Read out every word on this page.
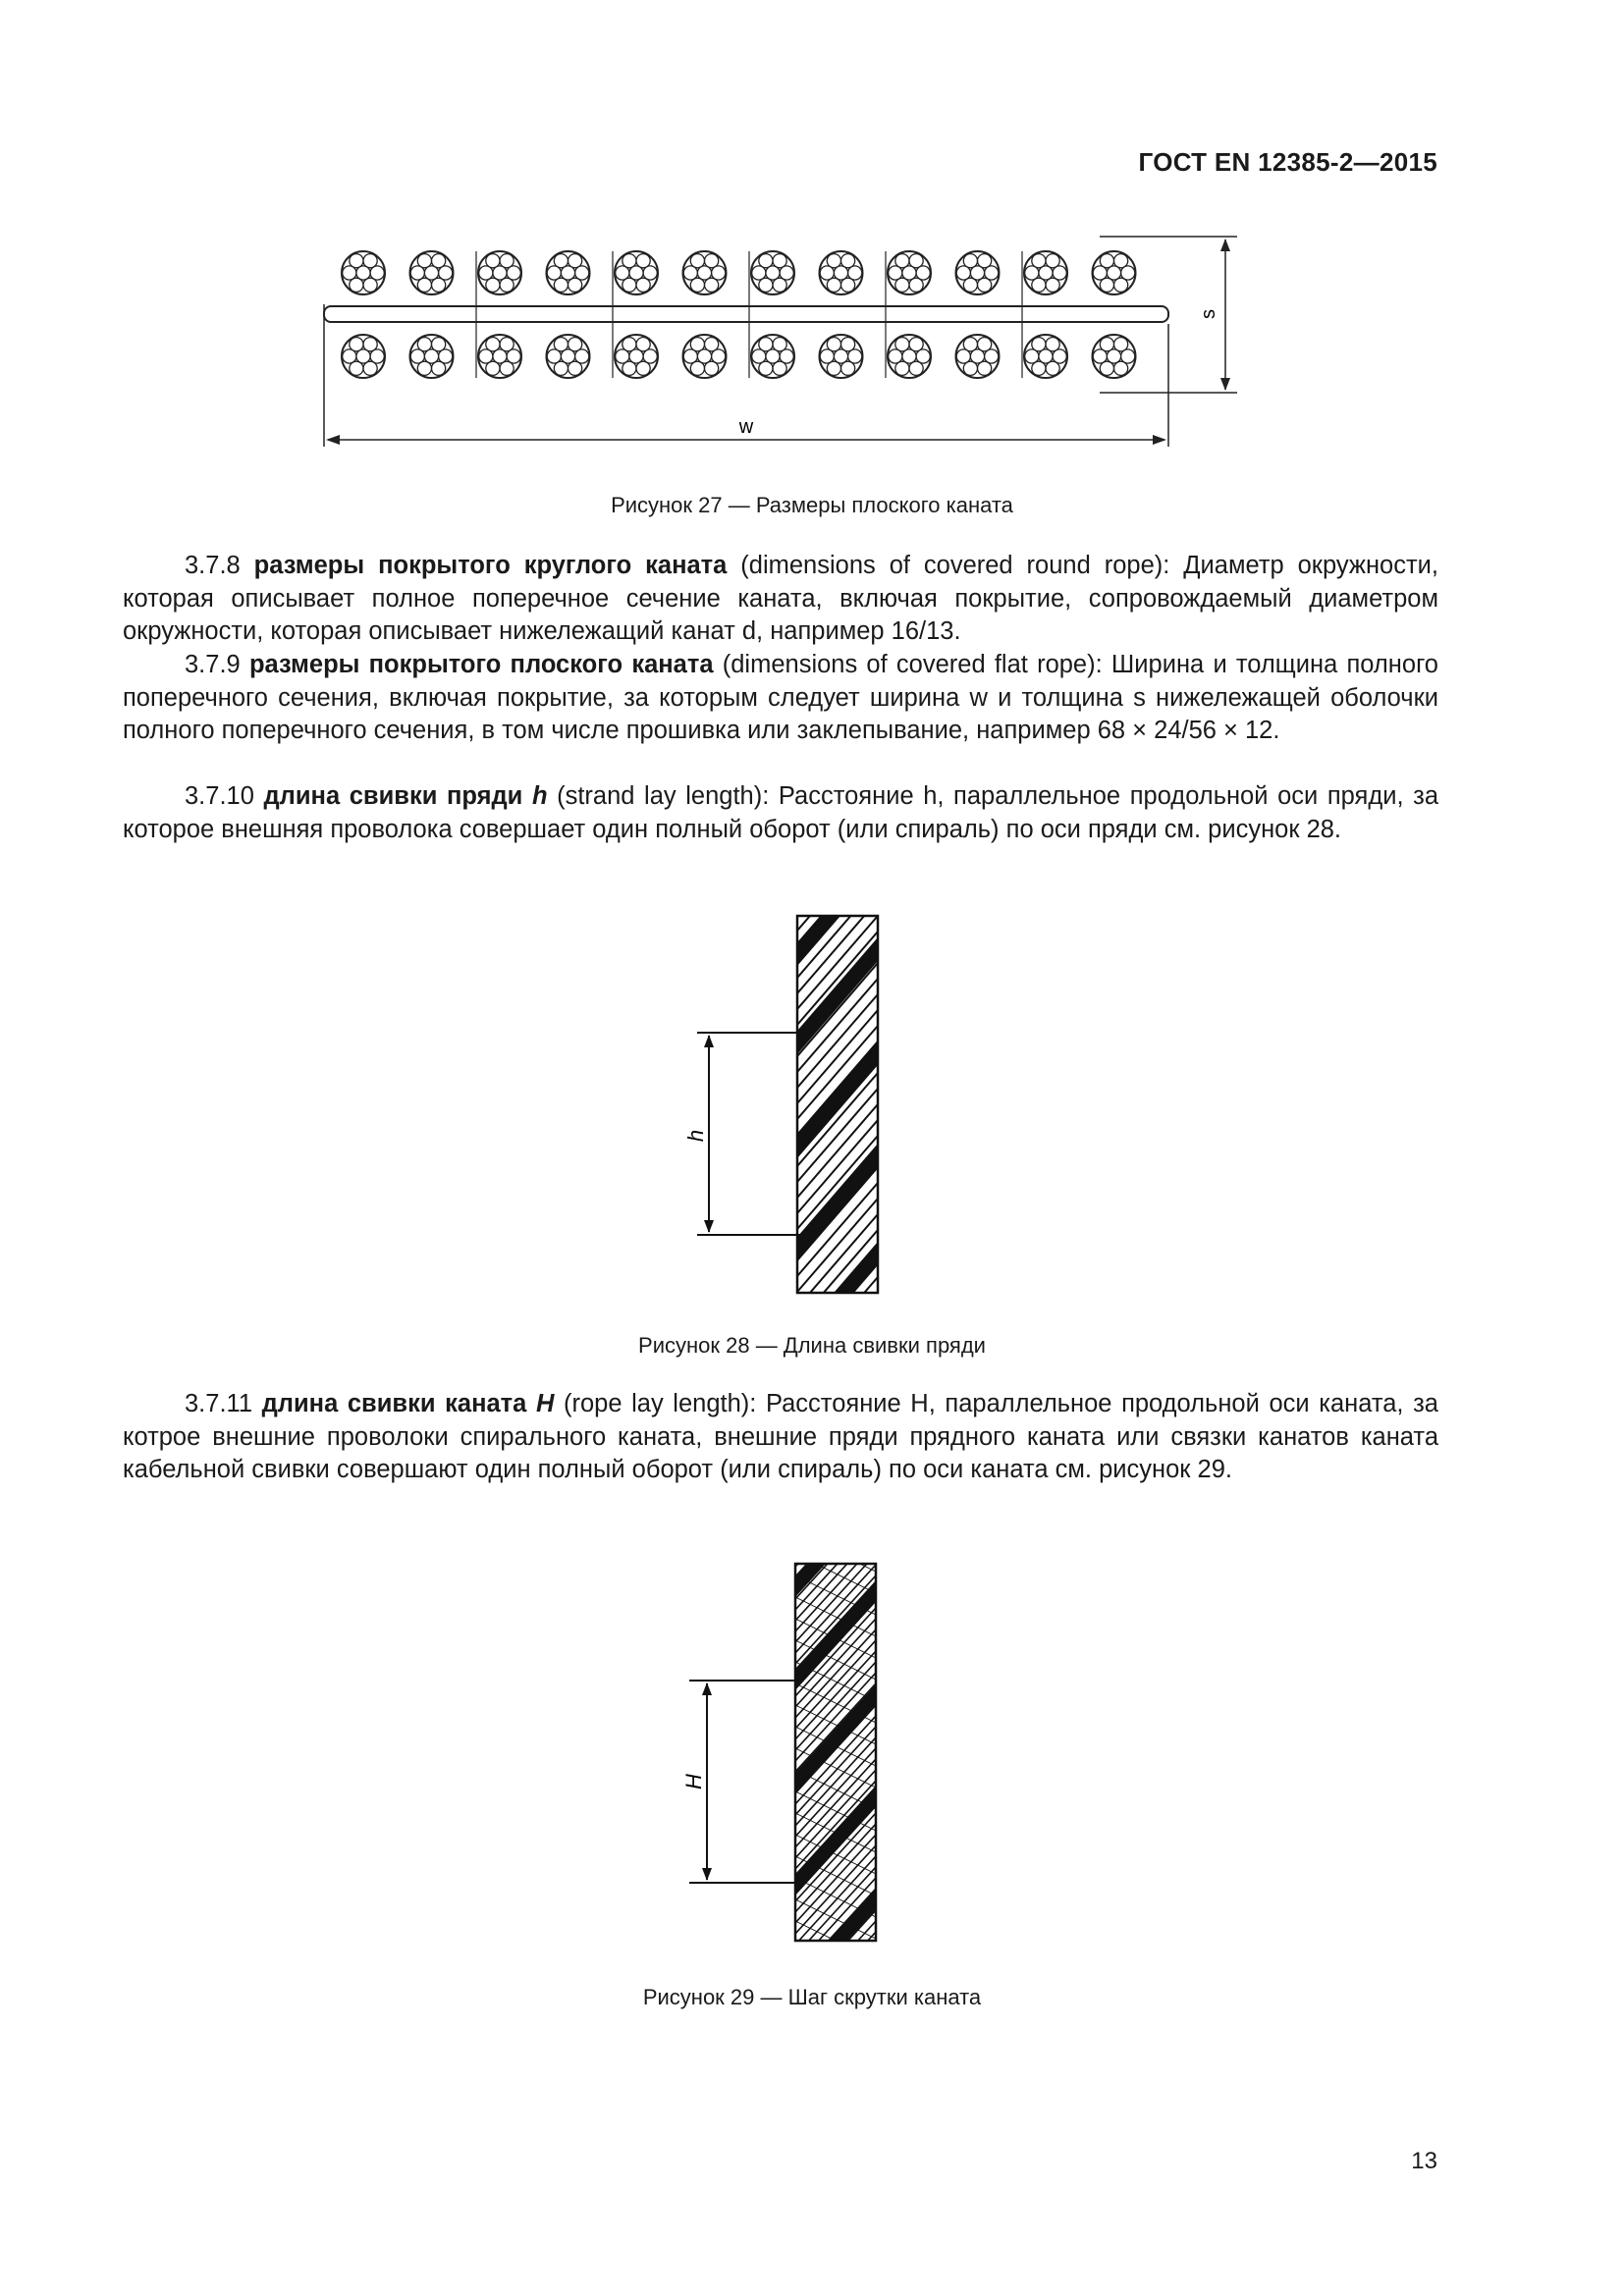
ГОСТ EN 12385-2—2015
w
s
Рисунок 27 — Размеры плоского каната

3.7.8 размеры покрытого круглого каната (dimensions of covered round rope): Диаметр окружности, которая описывает полное поперечное сечение каната, включая покрытие, сопровождаемый диаметром окружности, которая описывает нижележащий канат d, например 16/13.

3.7.9 размеры покрытого плоского каната (dimensions of covered flat rope): Ширина и толщина полного поперечного сечения, включая покрытие, за которым следует ширина w и толщина s нижележащей оболочки полного поперечного сечения, в том числе прошивка или заклепывание, например 68 × 24/56 × 12.

3.7.10 длина свивки пряди h (strand lay length): Расстояние h, параллельное продольной оси пряди, за которое внешняя проволока совершает один полный оборот (или спираль) по оси пряди см. рисунок 28.

h
Рисунок 28 — Длина свивки пряди

3.7.11 длина свивки каната H (rope lay length): Расстояние H, параллельное продольной оси каната, за котрое внешние проволоки спирального каната, внешние пряди прядного каната или связки канатов каната кабельной свивки совершают один полный оборот (или спираль) по оси каната см. рисунок 29.

H
Рисунок 29 — Шаг скрутки каната
13
